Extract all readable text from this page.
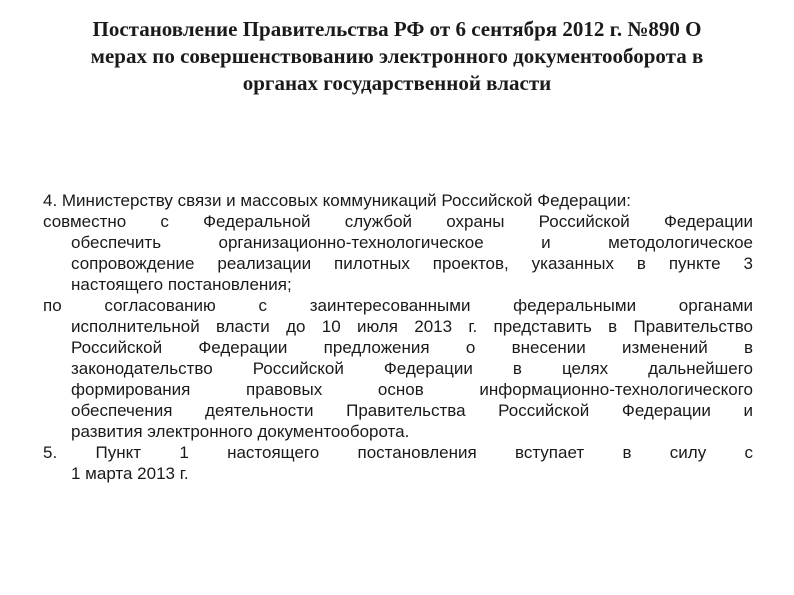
Постановление Правительства РФ от 6 сентября 2012 г. №890 О
мерах по совершенствованию электронного документооборота в
органах государственной власти
4. Министерству связи и массовых коммуникаций Российской Федерации:
совместно с Федеральной службой охраны Российской Федерации
обеспечить организационно-технологическое и методологическое
сопровождение реализации пилотных проектов, указанных в пункте 3
настоящего постановления;
по согласованию с заинтересованными федеральными органами
исполнительной власти до 10 июля 2013 г. представить в Правительство
Российской Федерации предложения о внесении изменений в
законодательство Российской Федерации в целях дальнейшего
формирования правовых основ информационно-технологического
обеспечения деятельности Правительства Российской Федерации и
развития электронного документооборота.
5. Пункт 1 настоящего постановления вступает в силу с
1 марта 2013 г.
